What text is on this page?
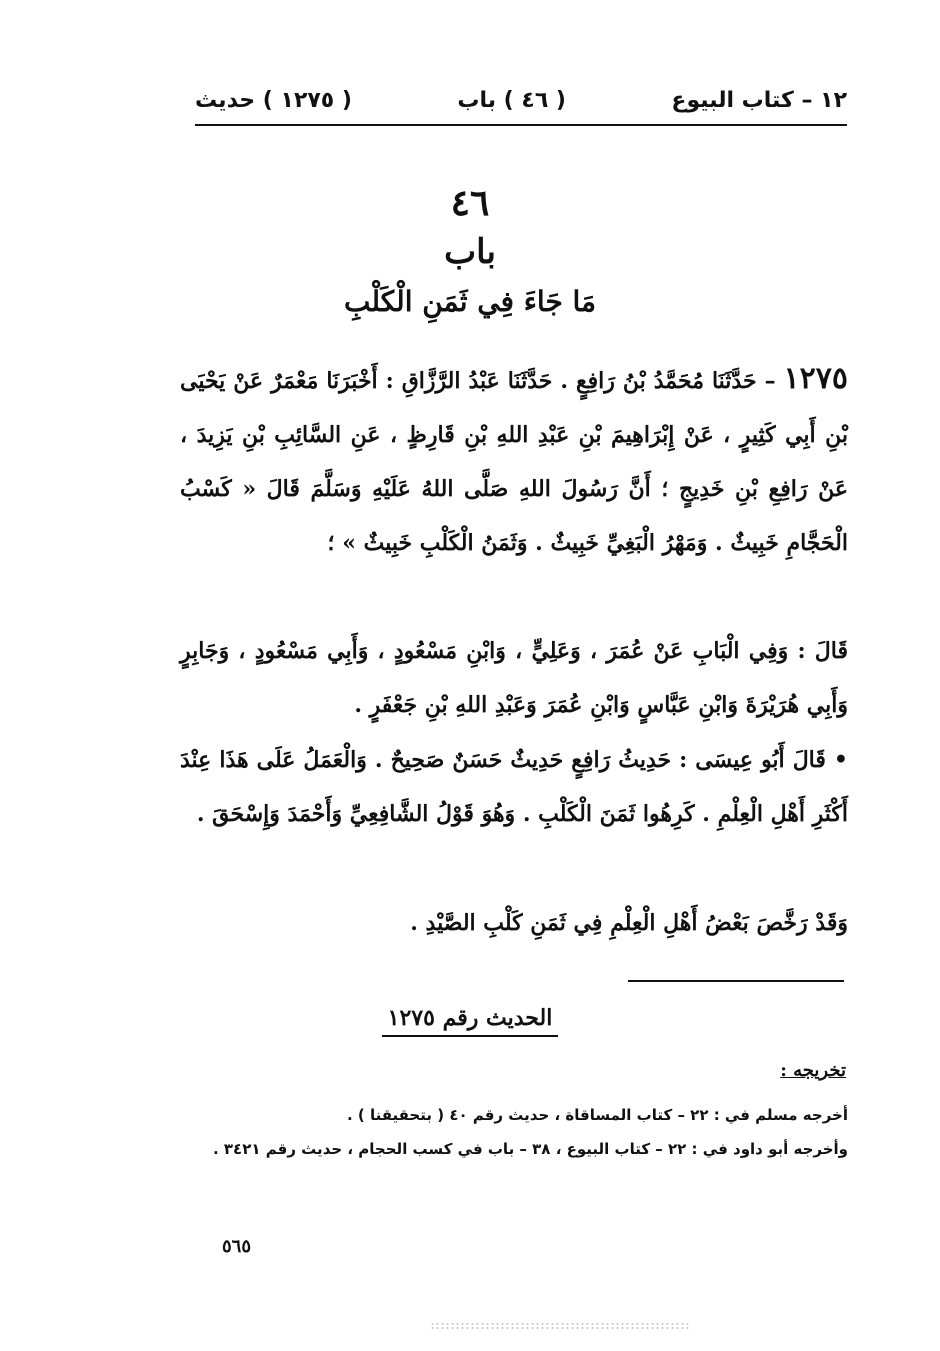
١٢ – كتاب البيوع
( ٤٦ ) باب
( ١٢٧٥ ) حديث
٤٦
باب
مَا جَاءَ فِي ثَمَنِ الْكَلْبِ
١٢٧٥ – حَدَّثَنَا مُحَمَّدُ بْنُ رَافِعٍ . حَدَّثَنَا عَبْدُ الرَّزَّاقِ : أَخْبَرَنَا مَعْمَرٌ عَنْ يَحْيَى بْنِ أَبِي كَثِيرٍ ، عَنْ إِبْرَاهِيمَ بْنِ عَبْدِ اللهِ بْنِ قَارِظٍ ، عَنِ السَّائِبِ بْنِ يَزِيدَ ، عَنْ رَافِعِ بْنِ خَدِيجٍ ؛ أَنَّ رَسُولَ اللهِ صَلَّى اللهُ عَلَيْهِ وَسَلَّمَ قَالَ « كَسْبُ الْحَجَّامِ خَبِيثٌ . وَمَهْرُ الْبَغِيِّ خَبِيثٌ . وَثَمَنُ الْكَلْبِ خَبِيثٌ » ؛
قَالَ : وَفِي الْبَابِ عَنْ عُمَرَ ، وَعَلِيٍّ ، وَابْنِ مَسْعُودٍ ، وَأَبِي مَسْعُودٍ ، وَجَابِرٍ وَأَبِي هُرَيْرَةَ وَابْنِ عَبَّاسٍ وَابْنِ عُمَرَ وَعَبْدِ اللهِ بْنِ جَعْفَرٍ .
• قَالَ أَبُو عِيسَى : حَدِيثُ رَافِعٍ حَدِيثٌ حَسَنٌ صَحِيحٌ . وَالْعَمَلُ عَلَى هَذَا عِنْدَ أَكْثَرِ أَهْلِ الْعِلْمِ . كَرِهُوا ثَمَنَ الْكَلْبِ . وَهُوَ قَوْلُ الشَّافِعِيِّ وَأَحْمَدَ وَإِسْحَقَ .
وَقَدْ رَخَّصَ بَعْضُ أَهْلِ الْعِلْمِ فِي ثَمَنِ كَلْبِ الصَّيْدِ .
الحديث رقم ١٢٧٥
تخريجه :

أخرجه مسلم في : ٢٢ – كتاب المساقاة ، حديث رقم ٤٠ ( بتحقيقنا ) .

وأخرجه أبو داود في : ٢٢ – كتاب البيوع ، ٣٨ – باب في كسب الحجام ، حديث رقم ٣٤٢١ .

٥٦٥
